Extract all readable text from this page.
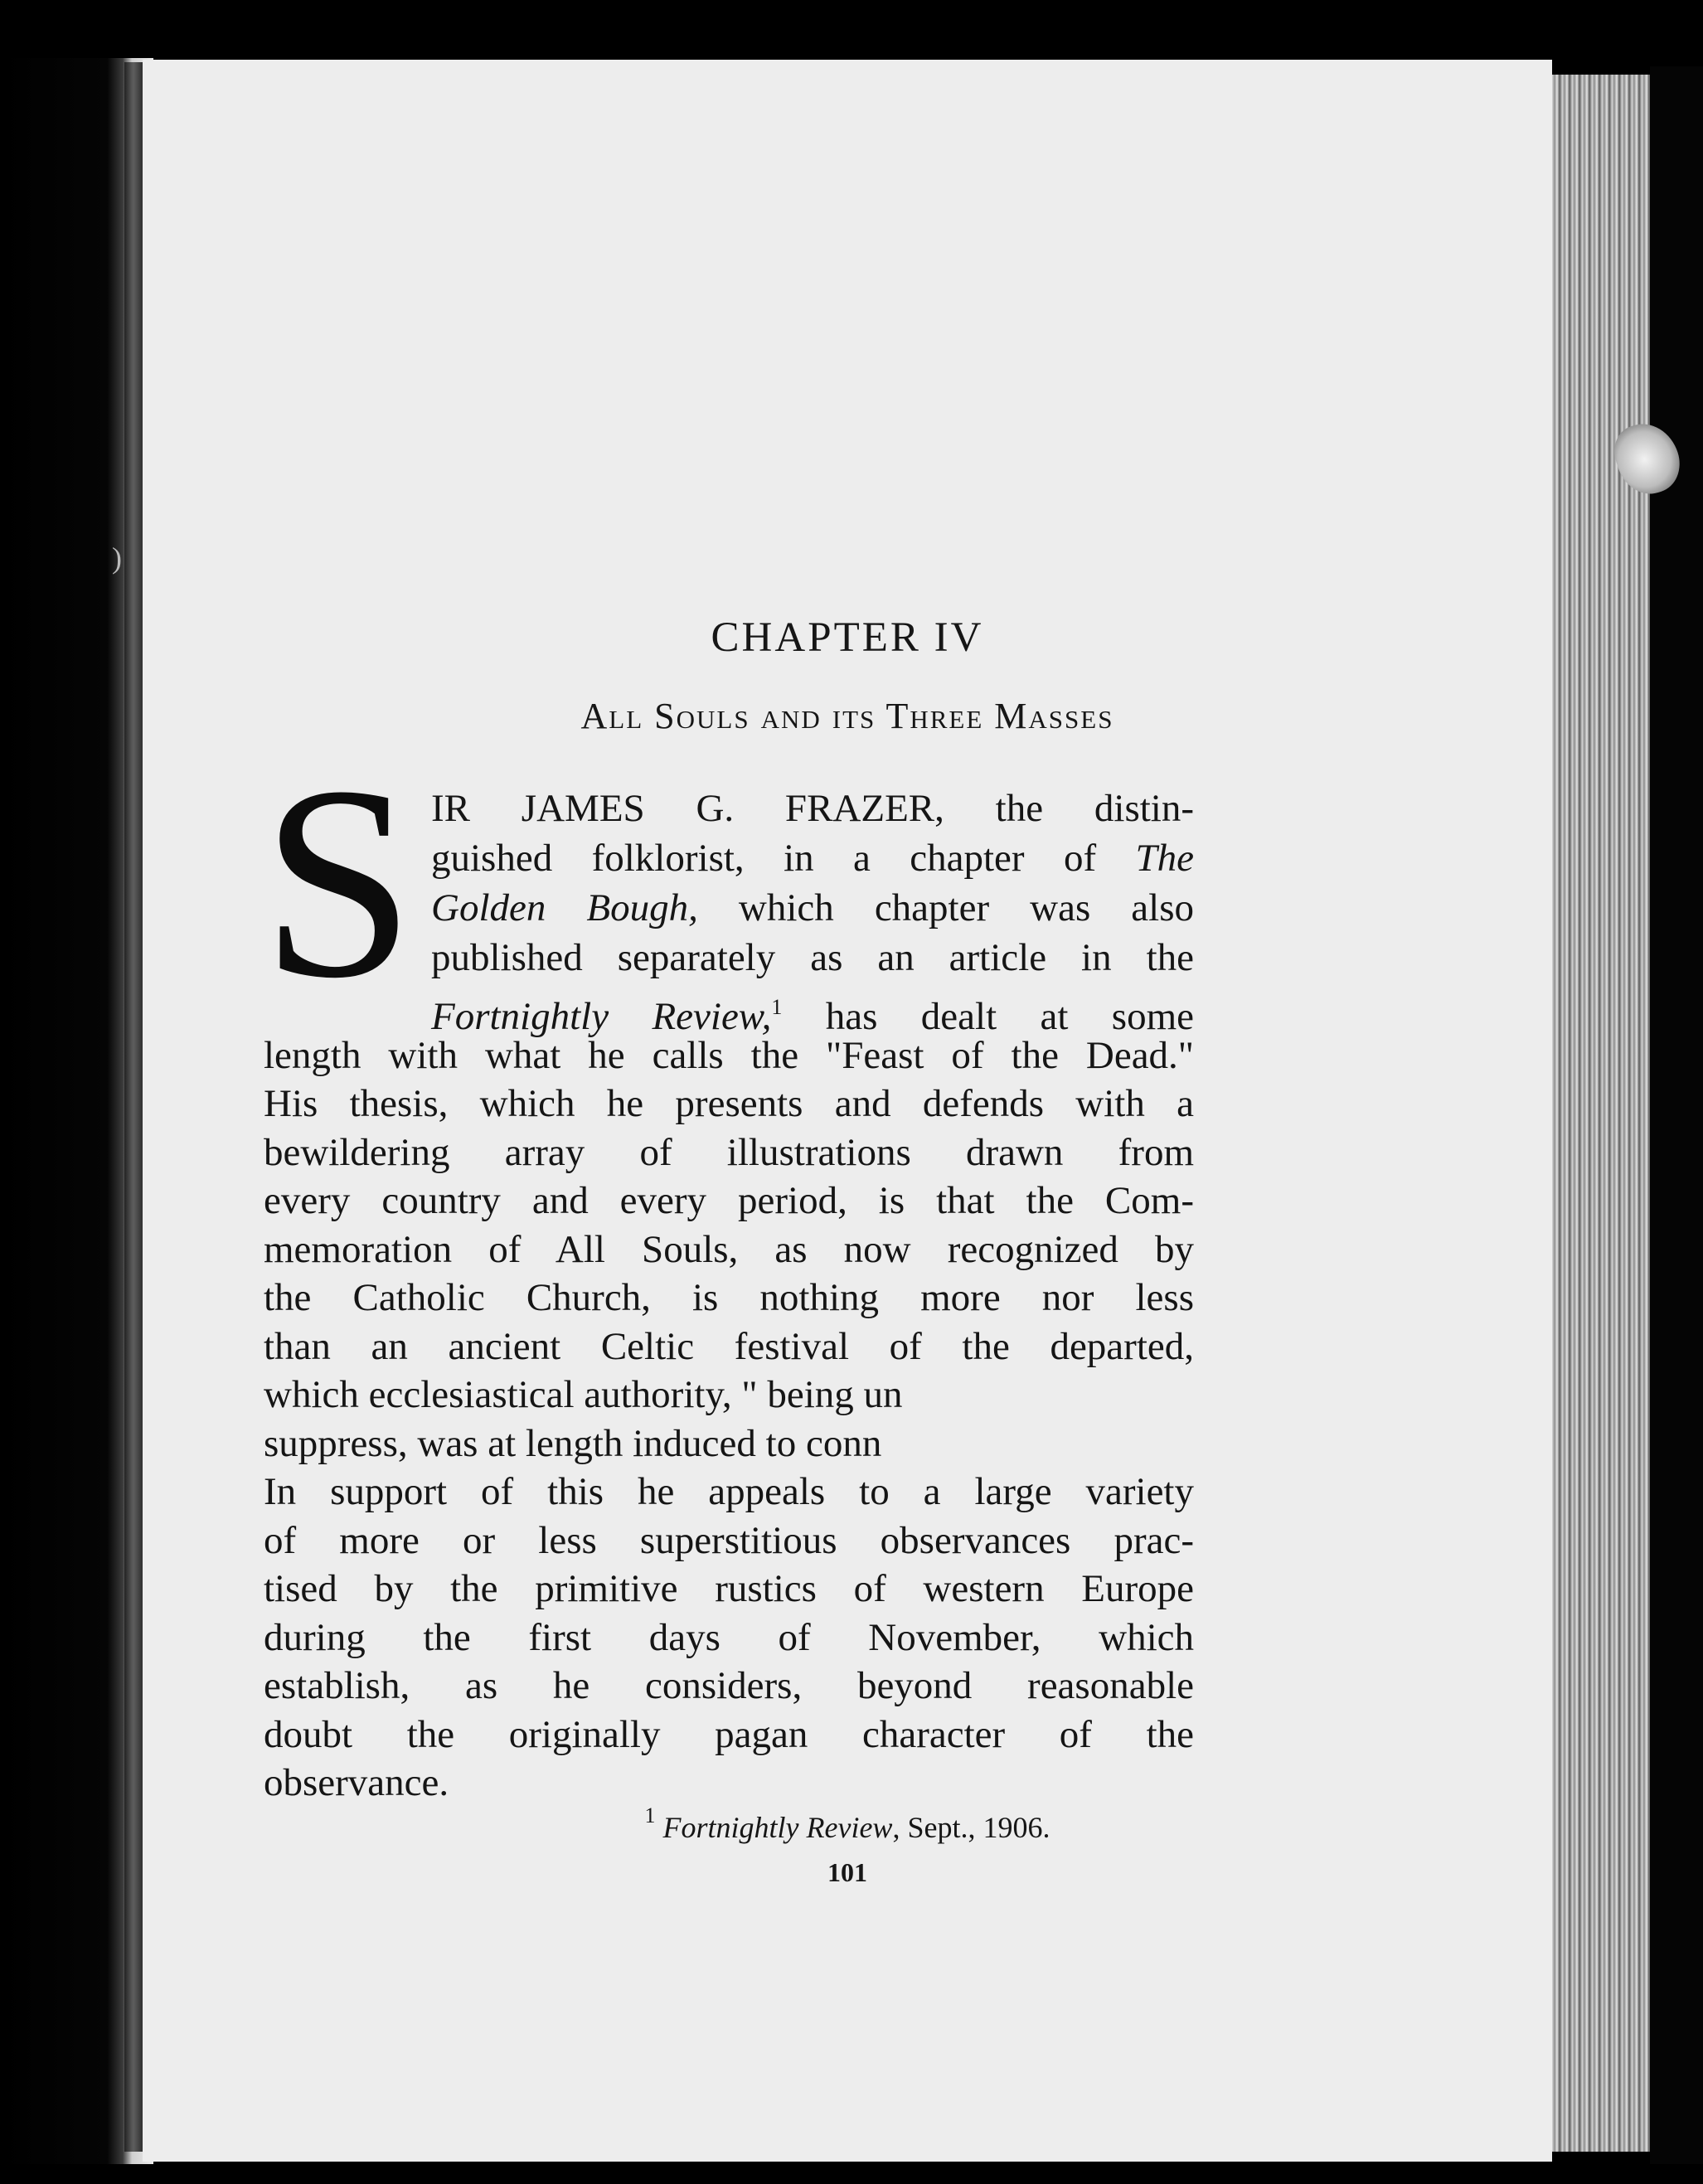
)
CHAPTER IV
All Souls and its Three Masses
S IR JAMES G. FRAZER, the distin-
guished folklorist, in a chapter of The
Golden Bough, which chapter was also
published separately as an article in the
Fortnightly Review,$^1$ has dealt at some
length with what he calls the "Feast of the Dead."
His thesis, which he presents and defends with a
bewildering array of illustrations drawn from
every country and every period, is that the Com-
memoration of All Souls, as now recognized by
the Catholic Church, is nothing more nor less
than an ancient Celtic festival of the departed,
which ecclesiastical authority, " being un
suppress, was at length induced to conn
In support of this he appeals to a large variety
of more or less superstitious observances prac-
tised by the primitive rustics of western Europe
during the first days of November, which
establish, as he considers, beyond reasonable
doubt the originally pagan character of the
observance.
$^1$ Fortnightly Review, Sept., 1906.
101
